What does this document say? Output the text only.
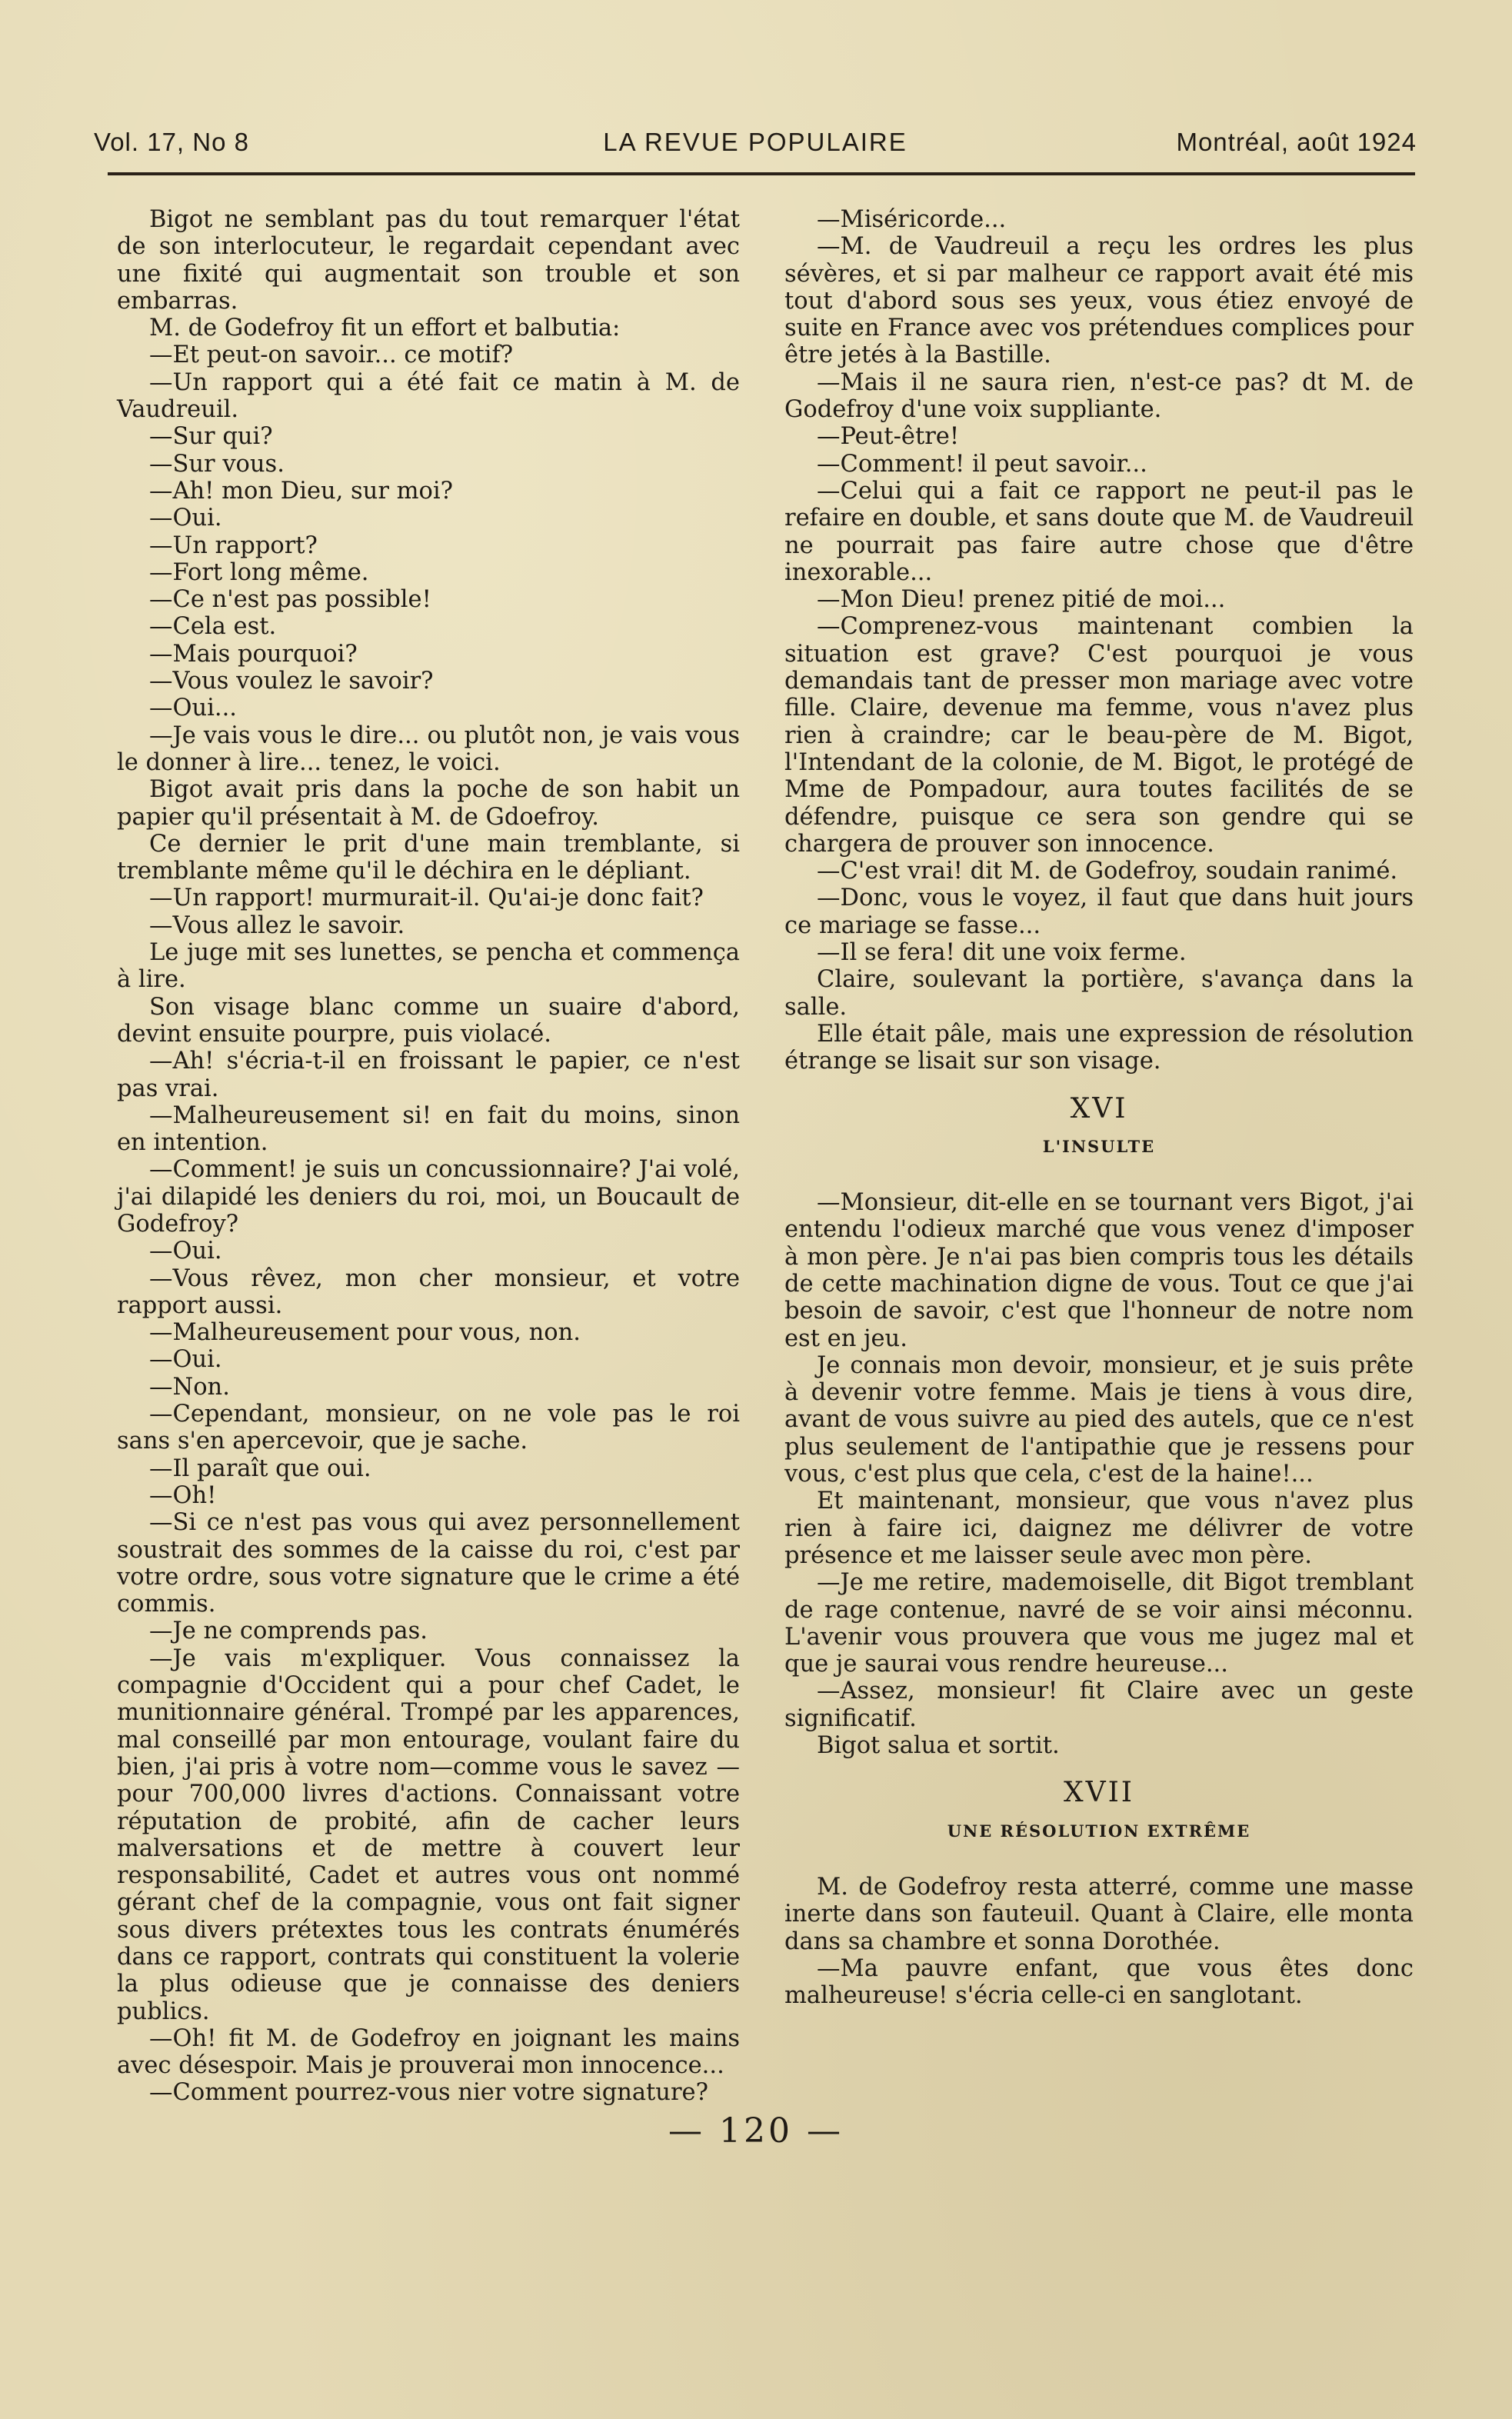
LA REVUE POPULAIRE
Vol. 17, No 8	Montréal, août 1924

Bigot ne semblant pas du tout remarquer l'état de son interlocuteur, le regardait cependant avec une fixité qui augmentait son trouble et son embarras.

M. de Godefroy fit un effort et balbutia:

—Et peut-on savoir... ce motif?

—Un rapport qui a été fait ce matin à M. de Vaudreuil.

—Sur qui?

—Sur vous.

—Ah! mon Dieu, sur moi?

—Oui.

—Un rapport?

—Fort long même.

—Ce n'est pas possible!

—Cela est.

—Mais pourquoi?

—Vous voulez le savoir?

—Oui...

—Je vais vous le dire... ou plutôt non, je vais vous le donner à lire... tenez, le voici.

Bigot avait pris dans la poche de son habit un papier qu'il présentait à M. de Gdoefroy.

Ce dernier le prit d'une main tremblante, si tremblante même qu'il le déchira en le dépliant.

—Un rapport! murmurait-il. Qu'ai-je donc fait?

—Vous allez le savoir.

Le juge mit ses lunettes, se pencha et commença à lire.

Son visage blanc comme un suaire d'abord, devint ensuite pourpre, puis violacé.

—Ah! s'écria-t-il en froissant le papier, ce n'est pas vrai.

—Malheureusement si! en fait du moins, sinon en intention.

—Comment! je suis un concussionnaire? J'ai volé, j'ai dilapidé les deniers du roi, moi, un Boucault de Godefroy?

—Oui.

—Vous rêvez, mon cher monsieur, et votre rapport aussi.

—Malheureusement pour vous, non.

—Oui.

—Non.

—Cependant, monsieur, on ne vole pas le roi sans s'en apercevoir, que je sache.

—Il paraît que oui.

—Oh!

—Si ce n'est pas vous qui avez personnellement soustrait des sommes de la caisse du roi, c'est par votre ordre, sous votre signature que le crime a été commis.

—Je ne comprends pas.

—Je vais m'expliquer. Vous connaissez la compagnie d'Occident qui a pour chef Cadet, le munitionnaire général. Trompé par les apparences, mal conseillé par mon entourage, voulant faire du bien, j'ai pris à votre nom—comme vous le savez —pour 700,000 livres d'actions. Connaissant votre réputation de probité, afin de cacher leurs malversations et de mettre à couvert leur responsabilité, Cadet et autres vous ont nommé gérant chef de la compagnie, vous ont fait signer sous divers prétextes tous les contrats énumérés dans ce rapport, contrats qui constituent la volerie la plus odieuse que je connaisse des deniers publics.

—Oh! fit M. de Godefroy en joignant les mains avec désespoir. Mais je prouverai mon innocence...

—Comment pourrez-vous nier votre signature?

—Miséricorde...

—M. de Vaudreuil a reçu les ordres les plus sévères, et si par malheur ce rapport avait été mis tout d'abord sous ses yeux, vous étiez envoyé de suite en France avec vos prétendues complices pour être jetés à la Bastille.

—Mais il ne saura rien, n'est-ce pas? dt M. de Godefroy d'une voix suppliante.

—Peut-être!

—Comment! il peut savoir...

—Celui qui a fait ce rapport ne peut-il pas le refaire en double, et sans doute que M. de Vaudreuil ne pourrait pas faire autre chose que d'être inexorable...

—Mon Dieu! prenez pitié de moi...

—Comprenez-vous maintenant combien la situation est grave? C'est pourquoi je vous demandais tant de presser mon mariage avec votre fille. Claire, devenue ma femme, vous n'avez plus rien à craindre; car le beau-père de M. Bigot, l'Intendant de la colonie, de M. Bigot, le protégé de Mme de Pompadour, aura toutes facilités de se défendre, puisque ce sera son gendre qui se chargera de prouver son innocence.

—C'est vrai! dit M. de Godefroy, soudain ranimé.

—Donc, vous le voyez, il faut que dans huit jours ce mariage se fasse...

—Il se fera! dit une voix ferme.

Claire, soulevant la portière, s'avança dans la salle.

Elle était pâle, mais une expression de résolution étrange se lisait sur son visage.

XVI

L'INSULTE

—Monsieur, dit-elle en se tournant vers Bigot, j'ai entendu l'odieux marché que vous venez d'imposer à mon père. Je n'ai pas bien compris tous les détails de cette machination digne de vous. Tout ce que j'ai besoin de savoir, c'est que l'honneur de notre nom est en jeu.

Je connais mon devoir, monsieur, et je suis prête à devenir votre femme. Mais je tiens à vous dire, avant de vous suivre au pied des autels, que ce n'est plus seulement de l'antipathie que je ressens pour vous, c'est plus que cela, c'est de la haine!...

Et maintenant, monsieur, que vous n'avez plus rien à faire ici, daignez me délivrer de votre présence et me laisser seule avec mon père.

—Je me retire, mademoiselle, dit Bigot tremblant de rage contenue, navré de se voir ainsi méconnu. L'avenir vous prouvera que vous me jugez mal et que je saurai vous rendre heureuse...

—Assez, monsieur! fit Claire avec un geste significatif.

Bigot salua et sortit.

XVII

UNE RÉSOLUTION EXTRÊME

M. de Godefroy resta atterré, comme une masse inerte dans son fauteuil. Quant à Claire, elle monta dans sa chambre et sonna Dorothée.

—Ma pauvre enfant, que vous êtes donc malheureuse! s'écria celle-ci en sanglotant.

— 120 —
